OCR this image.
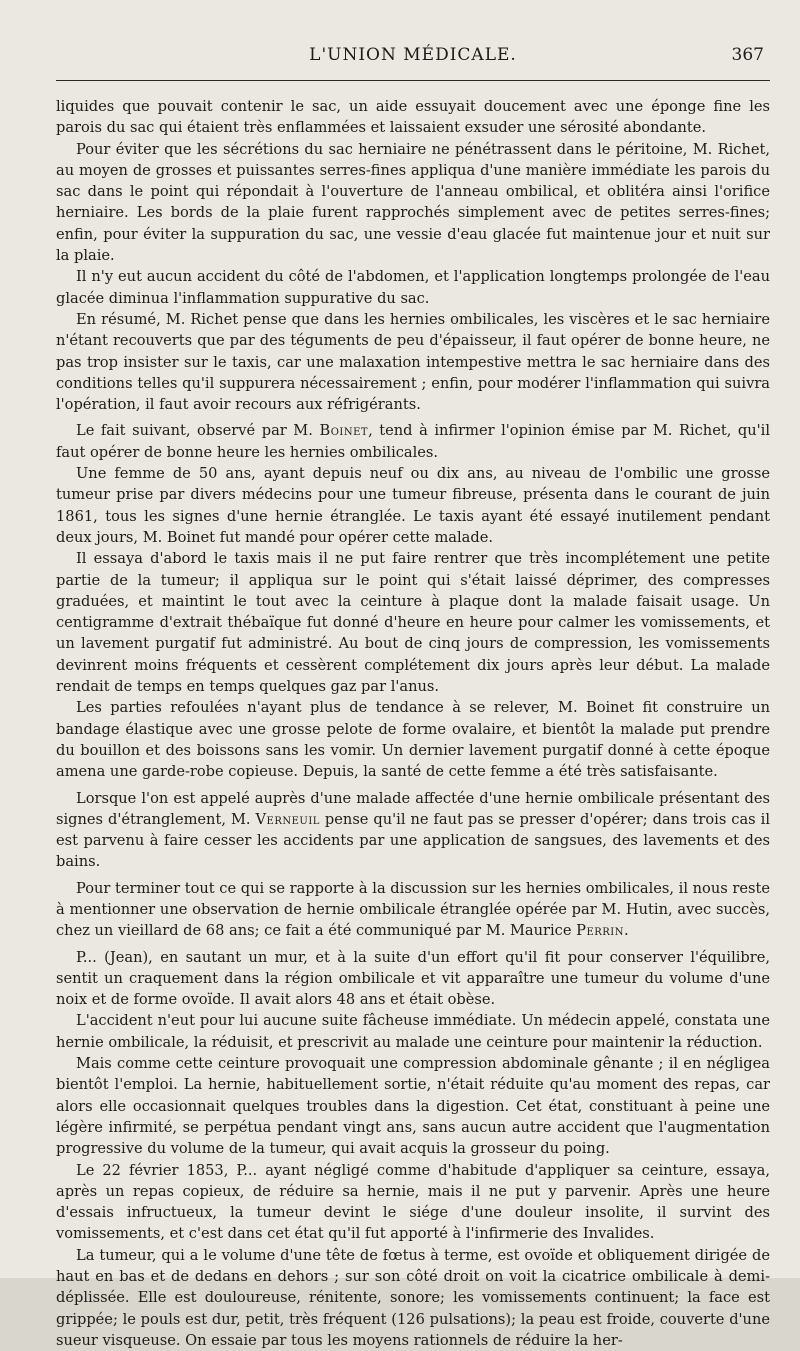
L'UNION MÉDICALE.	367

liquides que pouvait contenir le sac, un aide essuyait doucement avec une éponge fine les parois du sac qui étaient très enflammées et laissaient exsuder une sérosité abondante.

Pour éviter que les sécrétions du sac herniaire ne pénétrassent dans le péritoine, M. Richet, au moyen de grosses et puissantes serres-fines appliqua d'une manière immédiate les parois du sac dans le point qui répondait à l'ouverture de l'anneau ombilical, et oblitéra ainsi l'orifice herniaire. Les bords de la plaie furent rapprochés simplement avec de petites serres-fines; enfin, pour éviter la suppuration du sac, une vessie d'eau glacée fut maintenue jour et nuit sur la plaie.

Il n'y eut aucun accident du côté de l'abdomen, et l'application longtemps prolongée de l'eau glacée diminua l'inflammation suppurative du sac.

En résumé, M. Richet pense que dans les hernies ombilicales, les viscères et le sac herniaire n'étant recouverts que par des téguments de peu d'épaisseur, il faut opérer de bonne heure, ne pas trop insister sur le taxis, car une malaxation intempestive mettra le sac herniaire dans des conditions telles qu'il suppurera nécessairement ; enfin, pour modérer l'inflammation qui suivra l'opération, il faut avoir recours aux réfrigérants.

Le fait suivant, observé par M. Boinet, tend à infirmer l'opinion émise par M. Richet, qu'il faut opérer de bonne heure les hernies ombilicales.

Une femme de 50 ans, ayant depuis neuf ou dix ans, au niveau de l'ombilic une grosse tumeur prise par divers médecins pour une tumeur fibreuse, présenta dans le courant de juin 1861, tous les signes d'une hernie étranglée. Le taxis ayant été essayé inutilement pendant deux jours, M. Boinet fut mandé pour opérer cette malade.

Il essaya d'abord le taxis mais il ne put faire rentrer que très incomplétement une petite partie de la tumeur; il appliqua sur le point qui s'était laissé déprimer, des compresses graduées, et maintint le tout avec la ceinture à plaque dont la malade faisait usage. Un centigramme d'extrait thébaïque fut donné d'heure en heure pour calmer les vomissements, et un lavement purgatif fut administré. Au bout de cinq jours de compression, les vomissements devinrent moins fréquents et cessèrent complétement dix jours après leur début. La malade rendait de temps en temps quelques gaz par l'anus.

Les parties refoulées n'ayant plus de tendance à se relever, M. Boinet fit construire un bandage élastique avec une grosse pelote de forme ovalaire, et bientôt la malade put prendre du bouillon et des boissons sans les vomir. Un dernier lavement purgatif donné à cette époque amena une garde-robe copieuse. Depuis, la santé de cette femme a été très satisfaisante.

Lorsque l'on est appelé auprès d'une malade affectée d'une hernie ombilicale présentant des signes d'étranglement, M. Verneuil pense qu'il ne faut pas se presser d'opérer; dans trois cas il est parvenu à faire cesser les accidents par une application de sangsues, des lavements et des bains.

Pour terminer tout ce qui se rapporte à la discussion sur les hernies ombilicales, il nous reste à mentionner une observation de hernie ombilicale étranglée opérée par M. Hutin, avec succès, chez un vieillard de 68 ans; ce fait a été communiqué par M. Maurice Perrin.

P... (Jean), en sautant un mur, et à la suite d'un effort qu'il fit pour conserver l'équilibre, sentit un craquement dans la région ombilicale et vit apparaître une tumeur du volume d'une noix et de forme ovoïde. Il avait alors 48 ans et était obèse.

L'accident n'eut pour lui aucune suite fâcheuse immédiate. Un médecin appelé, constata une hernie ombilicale, la réduisit, et prescrivit au malade une ceinture pour maintenir la réduction.

Mais comme cette ceinture provoquait une compression abdominale gênante ; il en négligea bientôt l'emploi. La hernie, habituellement sortie, n'était réduite qu'au moment des repas, car alors elle occasionnait quelques troubles dans la digestion. Cet état, constituant à peine une légère infirmité, se perpétua pendant vingt ans, sans aucun autre accident que l'augmentation progressive du volume de la tumeur, qui avait acquis la grosseur du poing.

Le 22 février 1853, P... ayant négligé comme d'habitude d'appliquer sa ceinture, essaya, après un repas copieux, de réduire sa hernie, mais il ne put y parvenir. Après une heure d'essais infructueux, la tumeur devint le siége d'une douleur insolite, il survint des vomissements, et c'est dans cet état qu'il fut apporté à l'infirmerie des Invalides.

La tumeur, qui a le volume d'une tête de fœtus à terme, est ovoïde et obliquement dirigée de haut en bas et de dedans en dehors ; sur son côté droit on voit la cicatrice ombilicale à demi-déplissée. Elle est douloureuse, rénitente, sonore; les vomissements continuent; la face est grippée; le pouls est dur, petit, très fréquent (126 pulsations); la peau est froide, couverte d'une sueur visqueuse. On essaie par tous les moyens rationnels de réduire la her-
